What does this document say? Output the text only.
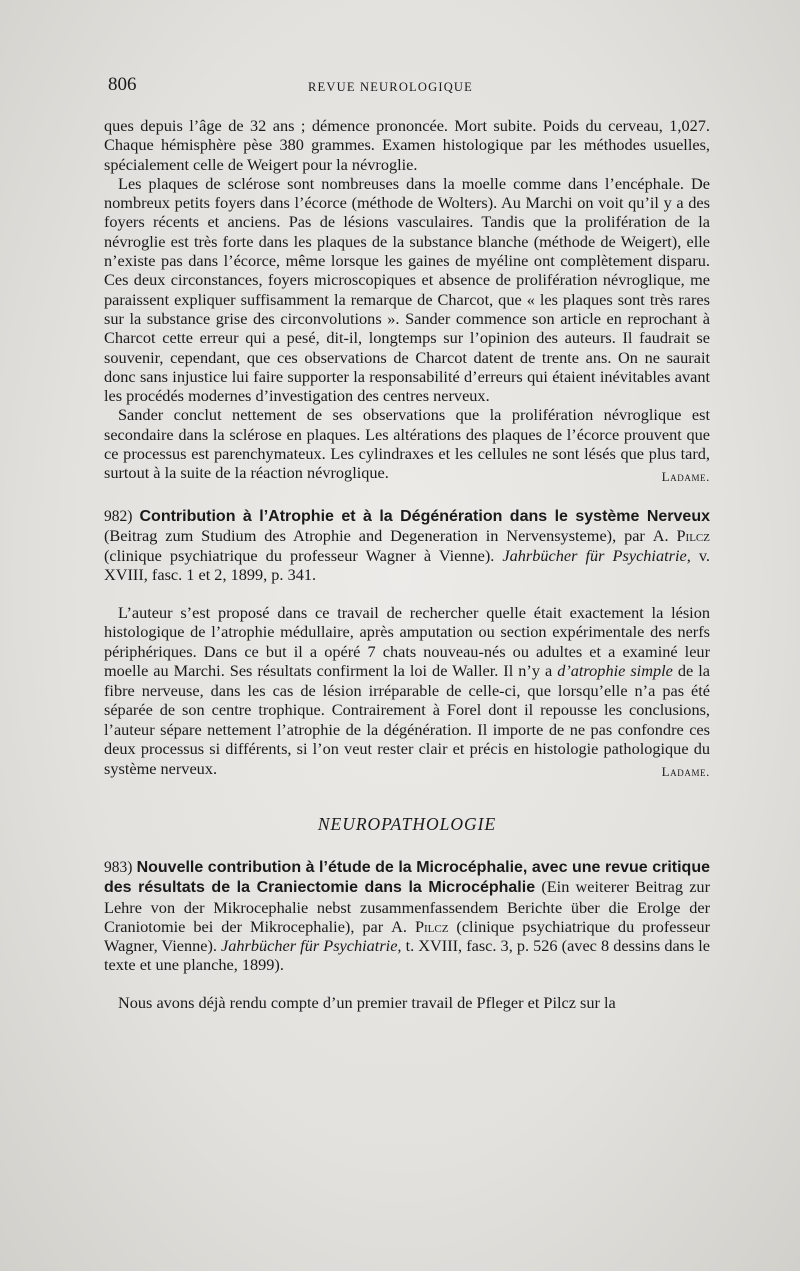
806	REVUE NEUROLOGIQUE

ques depuis l’âge de 32 ans ; démence prononcée. Mort subite. Poids du cerveau, 1,027. Chaque hémisphère pèse 380 grammes. Examen histologique par les méthodes usuelles, spécialement celle de Weigert pour la névroglie.

Les plaques de sclérose sont nombreuses dans la moelle comme dans l’encéphale. De nombreux petits foyers dans l’écorce (méthode de Wolters). Au Marchi on voit qu’il y a des foyers récents et anciens. Pas de lésions vasculaires. Tandis que la prolifération de la névroglie est très forte dans les plaques de la substance blanche (méthode de Weigert), elle n’existe pas dans l’écorce, même lorsque les gaines de myéline ont complètement disparu. Ces deux circonstances, foyers microscopiques et absence de prolifération névroglique, me paraissent expliquer suffisamment la remarque de Charcot, que « les plaques sont très rares sur la substance grise des circonvolutions ». Sander commence son article en reprochant à Charcot cette erreur qui a pesé, dit-il, longtemps sur l’opinion des auteurs. Il faudrait se souvenir, cependant, que ces observations de Charcot datent de trente ans. On ne saurait donc sans injustice lui faire supporter la responsabilité d’erreurs qui étaient inévitables avant les procédés modernes d’investigation des centres nerveux.

Sander conclut nettement de ses observations que la prolifération névroglique est secondaire dans la sclérose en plaques. Les altérations des plaques de l’écorce prouvent que ce processus est parenchymateux. Les cylindraxes et les cellules ne sont lésés que plus tard, surtout à la suite de la réaction névroglique.	Ladame.

982) Contribution à l’Atrophie et à la Dégénération dans le système Nerveux (Beitrag zum Studium des Atrophie and Degeneration in Nervensysteme), par A. Pilcz (clinique psychiatrique du professeur Wagner à Vienne). Jahrbücher für Psychiatrie, v. XVIII, fasc. 1 et 2, 1899, p. 341.

L’auteur s’est proposé dans ce travail de rechercher quelle était exactement la lésion histologique de l’atrophie médullaire, après amputation ou section expérimentale des nerfs périphériques. Dans ce but il a opéré 7 chats nouveau-nés ou adultes et a examiné leur moelle au Marchi. Ses résultats confirment la loi de Waller. Il n’y a d’atrophie simple de la fibre nerveuse, dans les cas de lésion irréparable de celle-ci, que lorsqu’elle n’a pas été séparée de son centre trophique. Contrairement à Forel dont il repousse les conclusions, l’auteur sépare nettement l’atrophie de la dégénération. Il importe de ne pas confondre ces deux processus si différents, si l’on veut rester clair et précis en histologie pathologique du système nerveux.	Ladame.

NEUROPATHOLOGIE

983) Nouvelle contribution à l’étude de la Microcéphalie, avec une revue critique des résultats de la Craniectomie dans la Microcéphalie (Ein weiterer Beitrag zur Lehre von der Mikrocephalie nebst zusammenfassendem Berichte über die Erolge der Craniotomie bei der Mikrocephalie), par A. Pilcz (clinique psychiatrique du professeur Wagner, Vienne). Jahrbücher für Psychiatrie, t. XVIII, fasc. 3, p. 526 (avec 8 dessins dans le texte et une planche, 1899).

Nous avons déjà rendu compte d’un premier travail de Pfleger et Pilcz sur la
